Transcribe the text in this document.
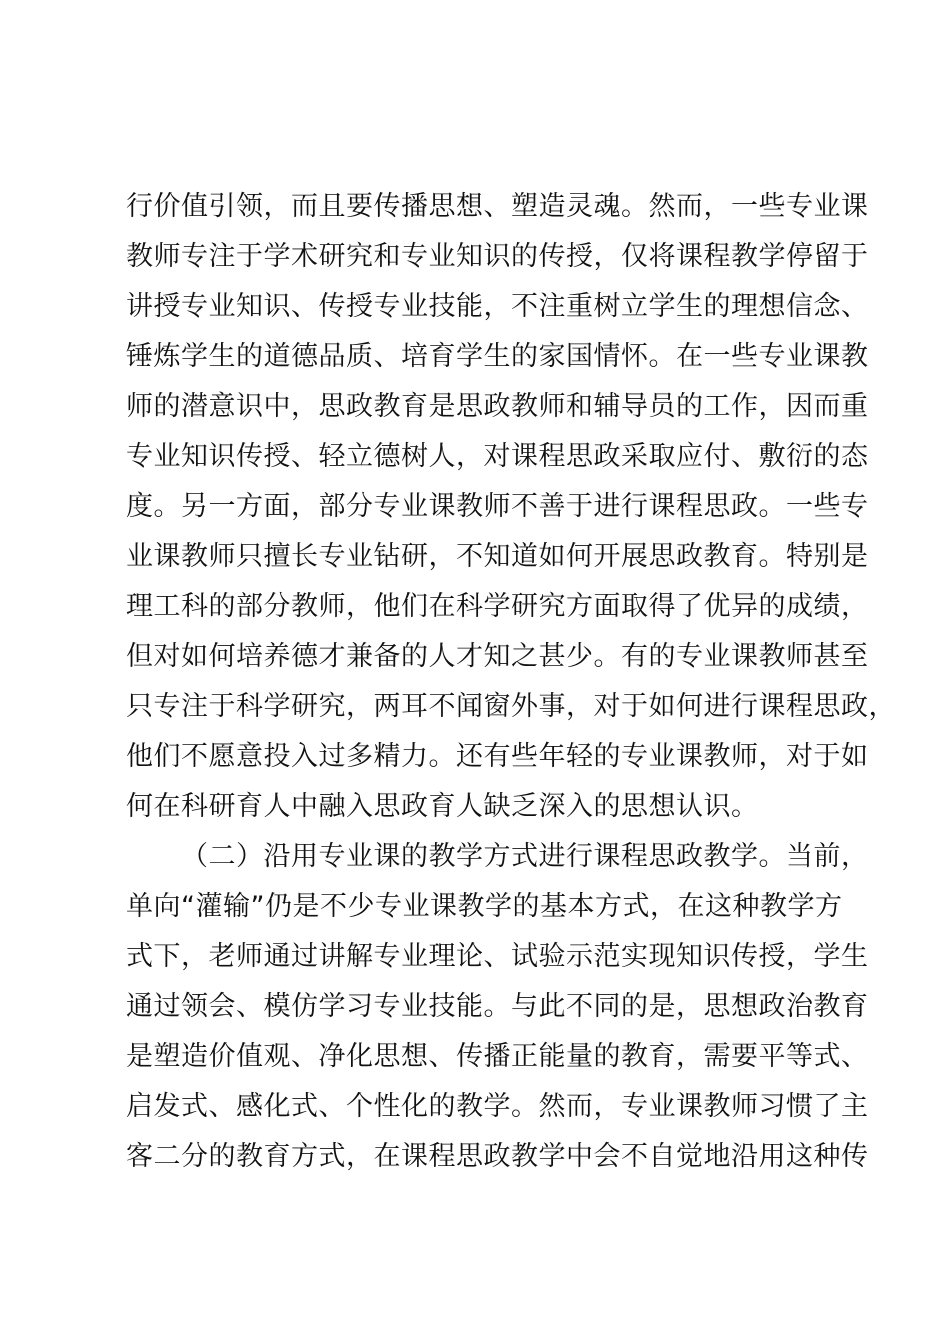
行价值引领，而且要传播思想、塑造灵魂。然而，一些专业课
教师专注于学术研究和专业知识的传授，仅将课程教学停留于
讲授专业知识、传授专业技能，不注重树立学生的理想信念、
锤炼学生的道德品质、培育学生的家国情怀。在一些专业课教
师的潜意识中，思政教育是思政教师和辅导员的工作，因而重
专业知识传授、轻立德树人，对课程思政采取应付、敷衍的态
度。另一方面，部分专业课教师不善于进行课程思政。一些专
业课教师只擅长专业钻研，不知道如何开展思政教育。特别是
理工科的部分教师，他们在科学研究方面取得了优异的成绩，
但对如何培养德才兼备的人才知之甚少。有的专业课教师甚至
只专注于科学研究，两耳不闻窗外事，对于如何进行课程思政，
他们不愿意投入过多精力。还有些年轻的专业课教师，对于如
何在科研育人中融入思政育人缺乏深入的思想认识。
（二）沿用专业课的教学方式进行课程思政教学。当前，
单向“灌输”仍是不少专业课教学的基本方式，在这种教学方
式下，老师通过讲解专业理论、试验示范实现知识传授，学生
通过领会、模仿学习专业技能。与此不同的是，思想政治教育
是塑造价值观、净化思想、传播正能量的教育，需要平等式、
启发式、感化式、个性化的教学。然而，专业课教师习惯了主
客二分的教育方式，在课程思政教学中会不自觉地沿用这种传
